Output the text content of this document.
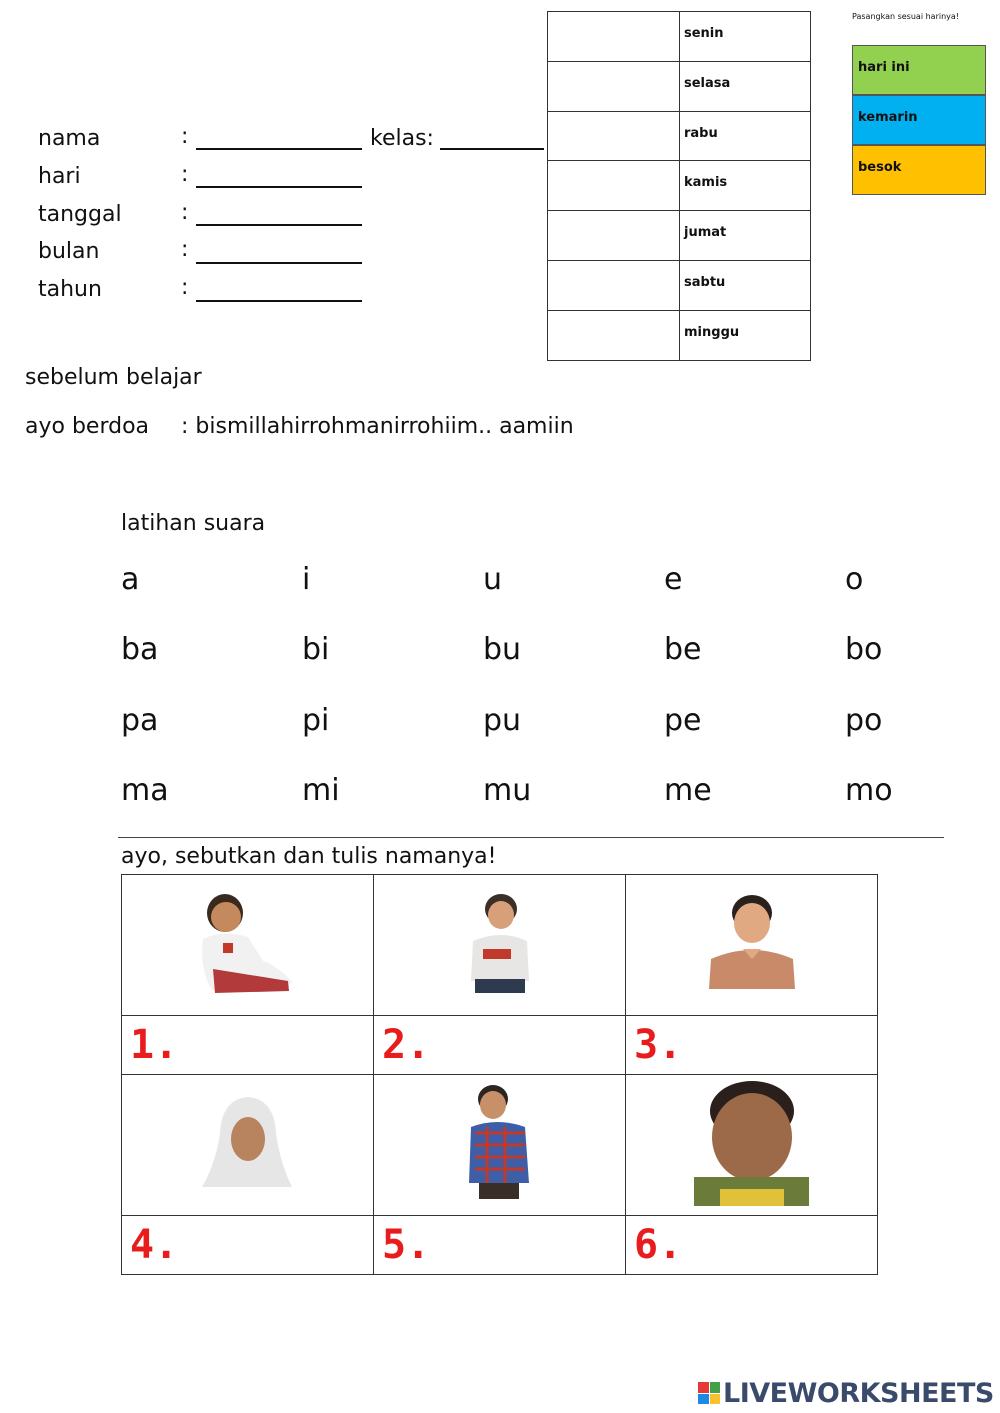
nama	:	kelas:
hari	:
tanggal	:
bulan	:
tahun	:
	senin
	selasa
	rabu
	kamis
	jumat
	sabtu
	minggu
Pasangkan sesuai harinya!
hari ini
kemarin
besok
sebelum belajar
ayo berdoa : bismillahirrohmanirrohiim.. aamiin
latihan suara
a	i	u	e	o
ba	bi	bu	be	bo
pa	pi	pu	pe	po
ma	mi	mu	me	mo
ayo, sebutkan dan tulis namanya!

1.	2.	3.

4.	5.	6.
LIVEWORKSHEETS
